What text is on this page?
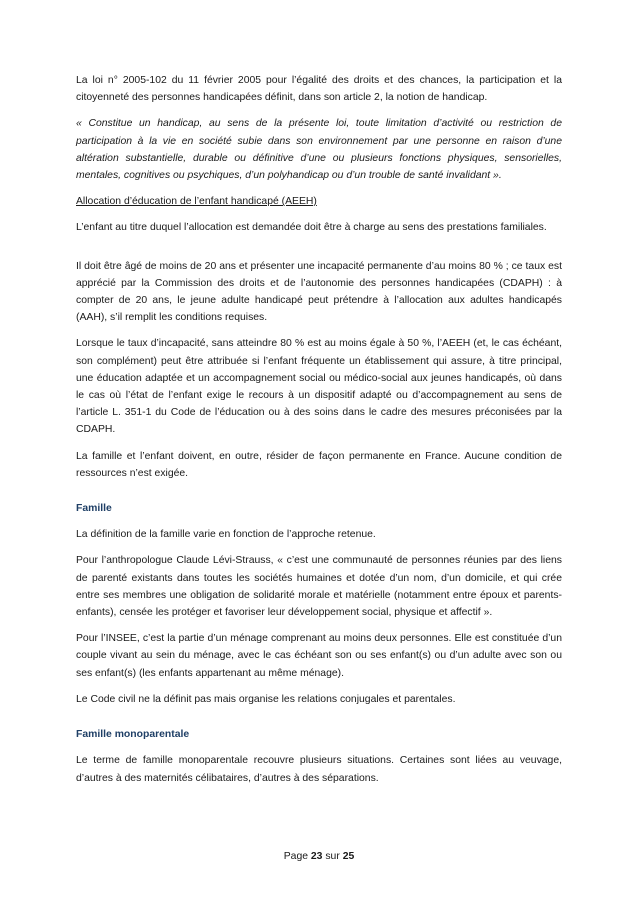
La loi n° 2005-102 du 11 février 2005 pour l’égalité des droits et des chances, la participation et la citoyenneté des personnes handicapées définit, dans son article 2, la notion de handicap.

« Constitue un handicap, au sens de la présente loi, toute limitation d’activité ou restriction de participation à la vie en société subie dans son environnement par une personne en raison d’une altération substantielle, durable ou définitive d’une ou plusieurs fonctions physiques, sensorielles, mentales, cognitives ou psychiques, d’un polyhandicap ou d’un trouble de santé invalidant ».

Allocation d’éducation de l’enfant handicapé (AEEH)

L’enfant au titre duquel l’allocation est demandée doit être à charge au sens des prestations familiales.

Il doit être âgé de moins de 20 ans et présenter une incapacité permanente d’au moins 80 % ; ce taux est apprécié par la Commission des droits et de l’autonomie des personnes handicapées (CDAPH) : à compter de 20 ans, le jeune adulte handicapé peut prétendre à l’allocation aux adultes handicapés (AAH), s’il remplit les conditions requises.

Lorsque le taux d’incapacité, sans atteindre 80 % est au moins égale à 50 %, l’AEEH (et, le cas échéant, son complément) peut être attribuée si l’enfant fréquente un établissement qui assure, à titre principal, une éducation adaptée et un accompagnement social ou médico-social aux jeunes handicapés, où dans le cas où l’état de l’enfant exige le recours à un dispositif adapté ou d’accompagnement au sens de l’article L. 351-1 du Code de l’éducation ou à des soins dans le cadre des mesures préconisées par la CDAPH.

La famille et l’enfant doivent, en outre, résider de façon permanente en France. Aucune condition de ressources n’est exigée.

Famille

La définition de la famille varie en fonction de l’approche retenue.

Pour l’anthropologue Claude Lévi-Strauss, « c’est une communauté de personnes réunies par des liens de parenté existants dans toutes les sociétés humaines et dotée d’un nom, d’un domicile, et qui crée entre ses membres une obligation de solidarité morale et matérielle (notamment entre époux et parents-enfants), censée les protéger et favoriser leur développement social, physique et affectif ».

Pour l’INSEE, c’est la partie d’un ménage comprenant au moins deux personnes. Elle est constituée d’un couple vivant au sein du ménage, avec le cas échéant son ou ses enfant(s) ou d’un adulte avec son ou ses enfant(s) (les enfants appartenant au même ménage).

Le Code civil ne la définit pas mais organise les relations conjugales et parentales.

Famille monoparentale

Le terme de famille monoparentale recouvre plusieurs situations. Certaines sont liées au veuvage, d’autres à des maternités célibataires, d’autres à des séparations.

Page 23 sur 25
